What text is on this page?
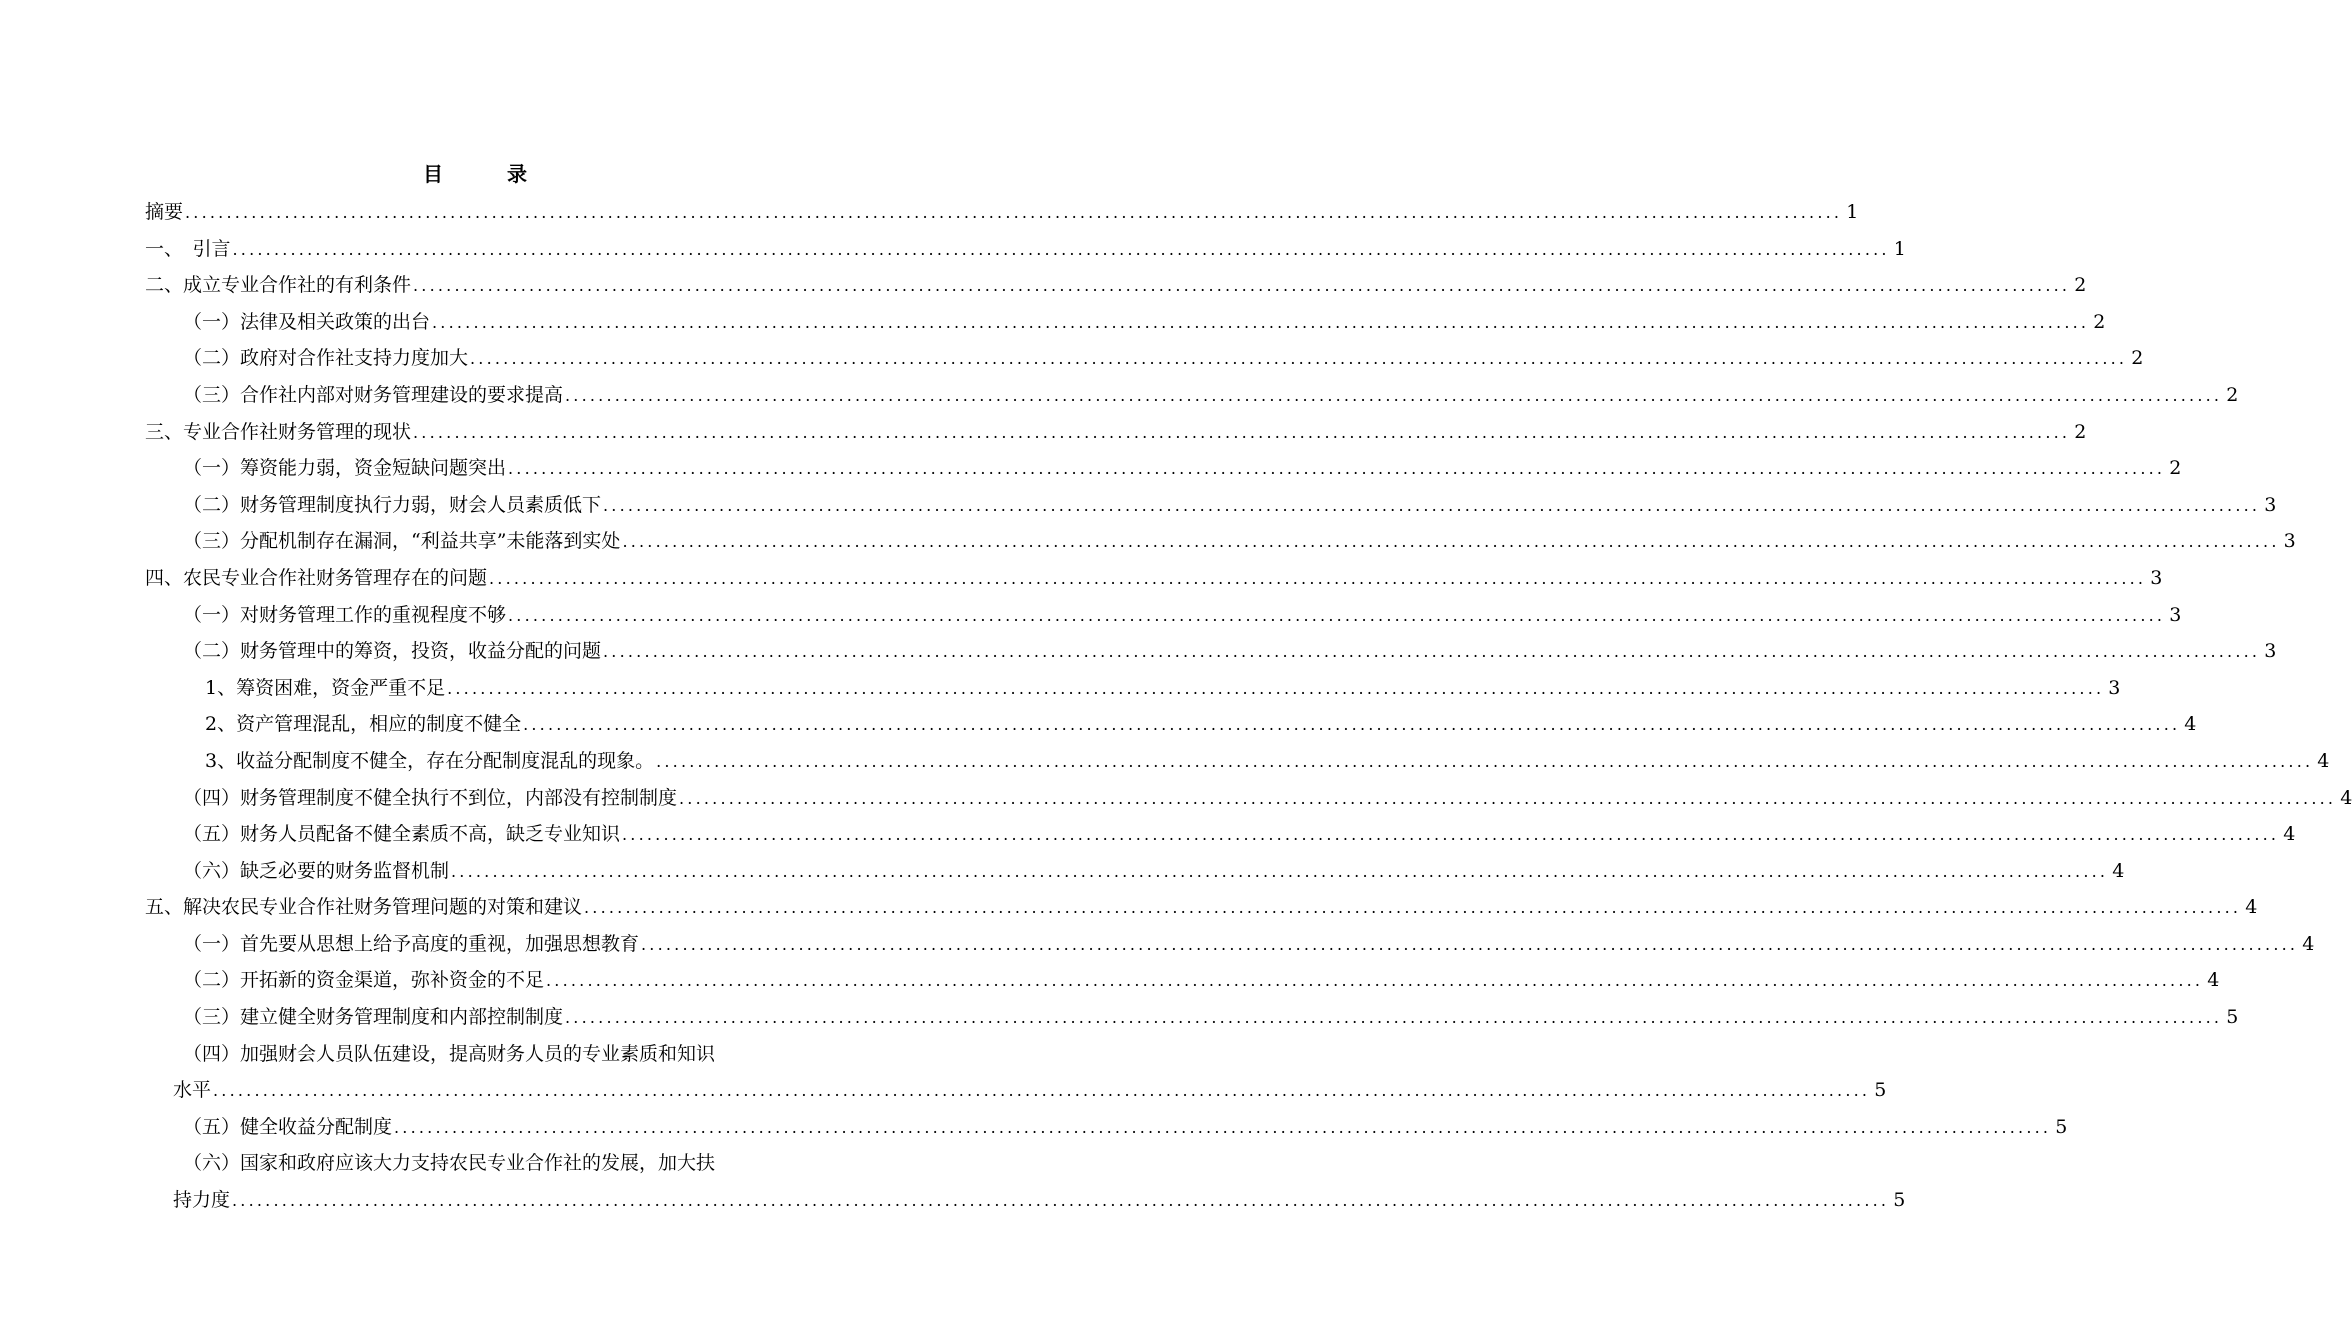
目　录
摘要 ........................................................................................................................................................................................................ 1
一、　引言 ........................................................................................................................................................................................................ 1
二、成立专业合作社的有利条件 ........................................................................................................................................................................................................ 2
（一）法律及相关政策的出台 ........................................................................................................................................................................................................ 2
（二）政府对合作社支持力度加大 ........................................................................................................................................................................................................ 2
（三）合作社内部对财务管理建设的要求提高 ........................................................................................................................................................................................................ 2
三、专业合作社财务管理的现状 ........................................................................................................................................................................................................ 2
（一）筹资能力弱，资金短缺问题突出 ........................................................................................................................................................................................................ 2
（二）财务管理制度执行力弱，财会人员素质低下 ........................................................................................................................................................................................................ 3
（三）分配机制存在漏洞，“利益共享”未能落到实处 ........................................................................................................................................................................................................ 3
四、农民专业合作社财务管理存在的问题 ........................................................................................................................................................................................................ 3
（一）对财务管理工作的重视程度不够 ........................................................................................................................................................................................................ 3
（二）财务管理中的筹资，投资，收益分配的问题 ........................................................................................................................................................................................................ 3
1、筹资困难，资金严重不足 ........................................................................................................................................................................................................ 3
2、资产管理混乱，相应的制度不健全 ........................................................................................................................................................................................................ 4
3、收益分配制度不健全，存在分配制度混乱的现象。 ........................................................................................................................................................................................................ 4
（四）财务管理制度不健全执行不到位，内部没有控制制度 ........................................................................................................................................................................................................ 4
（五）财务人员配备不健全素质不高，缺乏专业知识 ........................................................................................................................................................................................................ 4
（六）缺乏必要的财务监督机制 ........................................................................................................................................................................................................ 4
五、解决农民专业合作社财务管理问题的对策和建议 ........................................................................................................................................................................................................ 4
（一）首先要从思想上给予高度的重视，加强思想教育 ........................................................................................................................................................................................................ 4
（二）开拓新的资金渠道，弥补资金的不足 ........................................................................................................................................................................................................ 4
（三）建立健全财务管理制度和内部控制制度 ........................................................................................................................................................................................................ 5
（四）加强财会人员队伍建设，提高财务人员的专业素质和知识
水平 ........................................................................................................................................................................................................ 5
（五）健全收益分配制度 ........................................................................................................................................................................................................ 5
（六）国家和政府应该大力支持农民专业合作社的发展，加大扶
持力度 ........................................................................................................................................................................................................ 5
